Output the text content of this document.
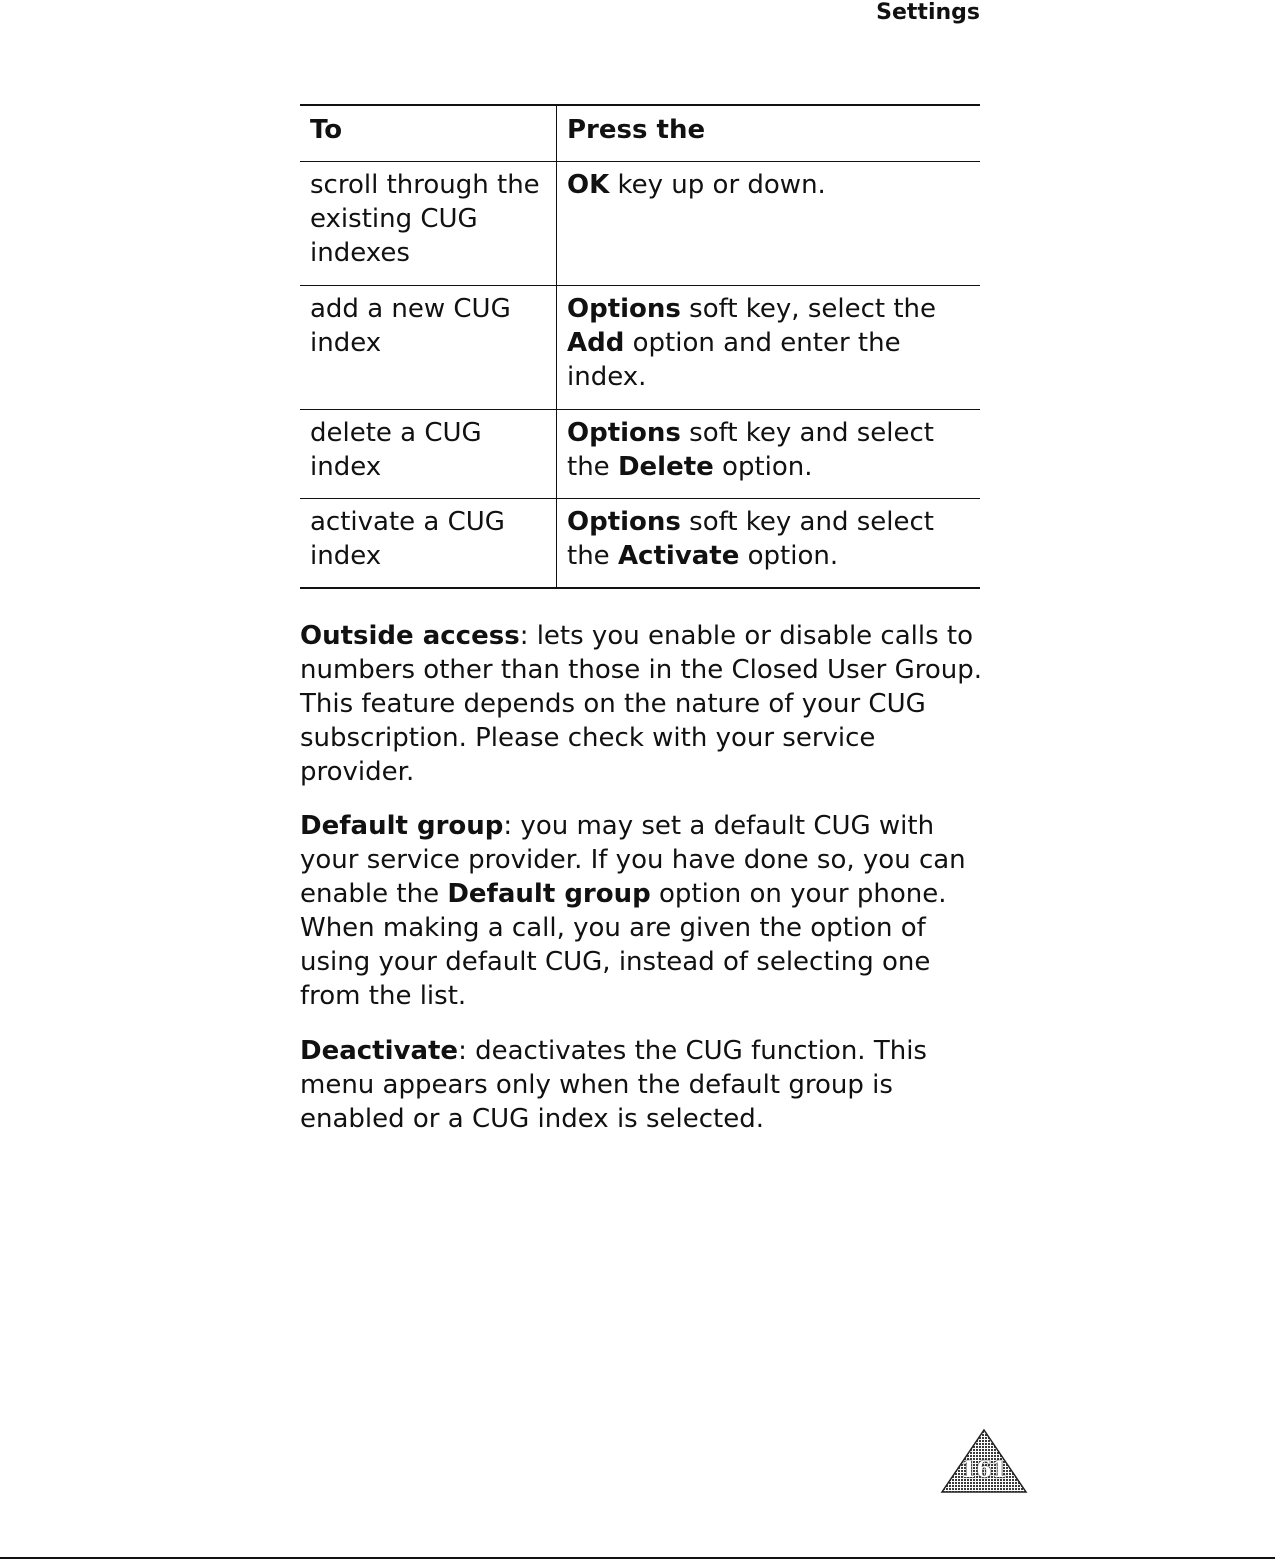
Settings
To	Press the
scroll through the existing CUG indexes	OK key up or down.
add a new CUG index	Options soft key, select the Add option and enter the index.
delete a CUG index	Options soft key and select the Delete option.
activate a CUG index	Options soft key and select the Activate option.

Outside access: lets you enable or disable calls to numbers other than those in the Closed User Group. This feature depends on the nature of your CUG subscription. Please check with your service provider.

Default group: you may set a default CUG with your service provider. If you have done so, you can enable the Default group option on your phone. When making a call, you are given the option of using your default CUG, instead of selecting one from the list.

Deactivate: deactivates the CUG function. This menu appears only when the default group is enabled or a CUG index is selected.

161
